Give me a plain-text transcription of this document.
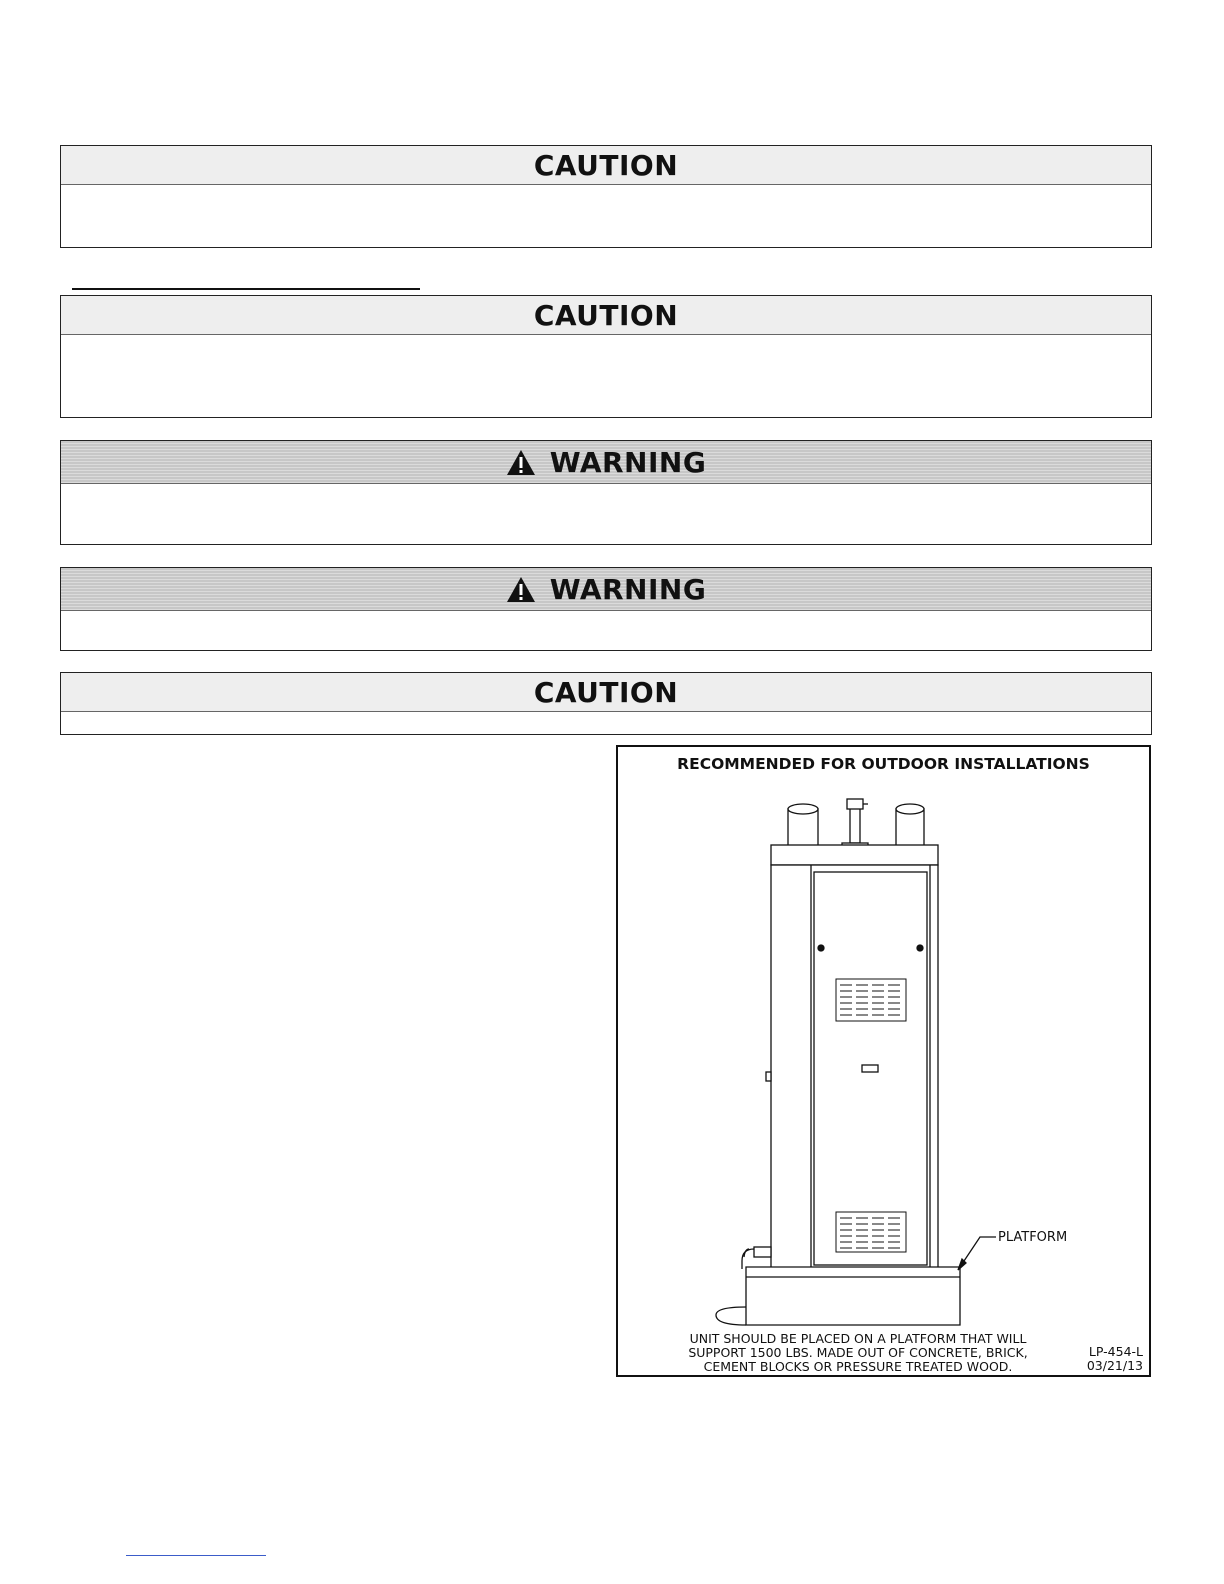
CAUTION
CAUTION
WARNING
WARNING
CAUTION
RECOMMENDED FOR OUTDOOR INSTALLATIONS
PLATFORM
UNIT SHOULD BE PLACED ON A PLATFORM THAT WILL
SUPPORT 1500 LBS. MADE OUT OF CONCRETE, BRICK,
CEMENT BLOCKS OR PRESSURE TREATED WOOD.
LP-454-L
03/21/13
